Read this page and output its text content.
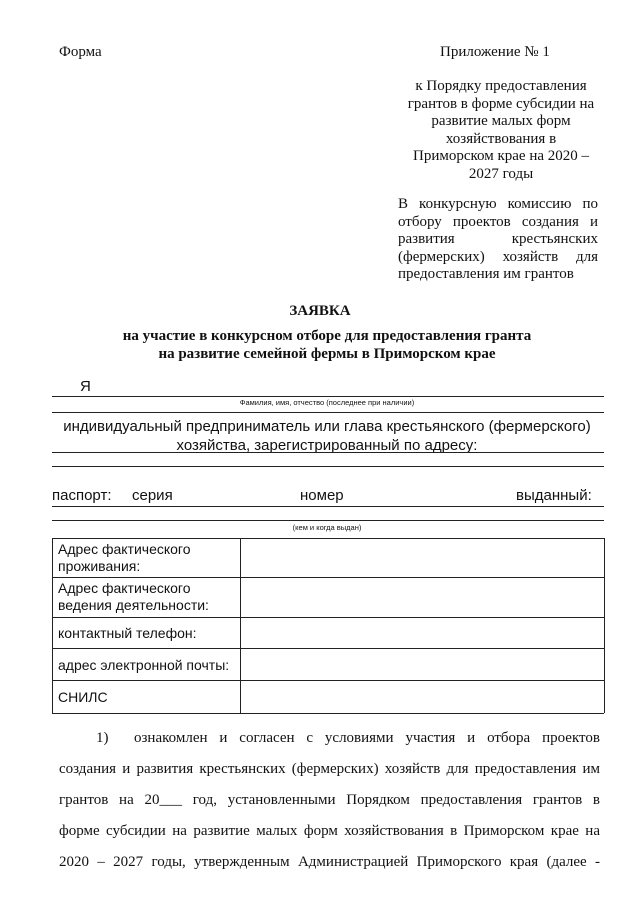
Форма	Приложение № 1
к Порядку предоставления
грантов в форме субсидии на
развитие малых форм
хозяйствования в
Приморском крае на 2020 –
2027 годы
В конкурсную комиссию по
отбору проектов создания и
развития крестьянских
(фермерских) хозяйств для
предоставления им грантов
ЗАЯВКА
на участие в конкурсном отборе для предоставления гранта
на развитие семейной фермы в Приморском крае
Я
Фамилия, имя, отчество (последнее при наличии)
индивидуальный предприниматель или глава крестьянского (фермерского)
хозяйства, зарегистрированный по адресу:
паспорт: серия	номер	выданный:
(кем и когда выдан)
Адрес фактического
проживания:
Адрес фактического
ведения деятельности:
контактный телефон:
адрес электронной почты:
СНИЛС
1) ознакомлен и согласен с условиями участия и отбора проектов
создания и развития крестьянских (фермерских) хозяйств для предоставления им
грантов на 20___ год, установленными Порядком предоставления грантов в
форме субсидии на развитие малых форм хозяйствования в Приморском крае на
2020 – 2027 годы, утвержденным Администрацией Приморского края (далее -
